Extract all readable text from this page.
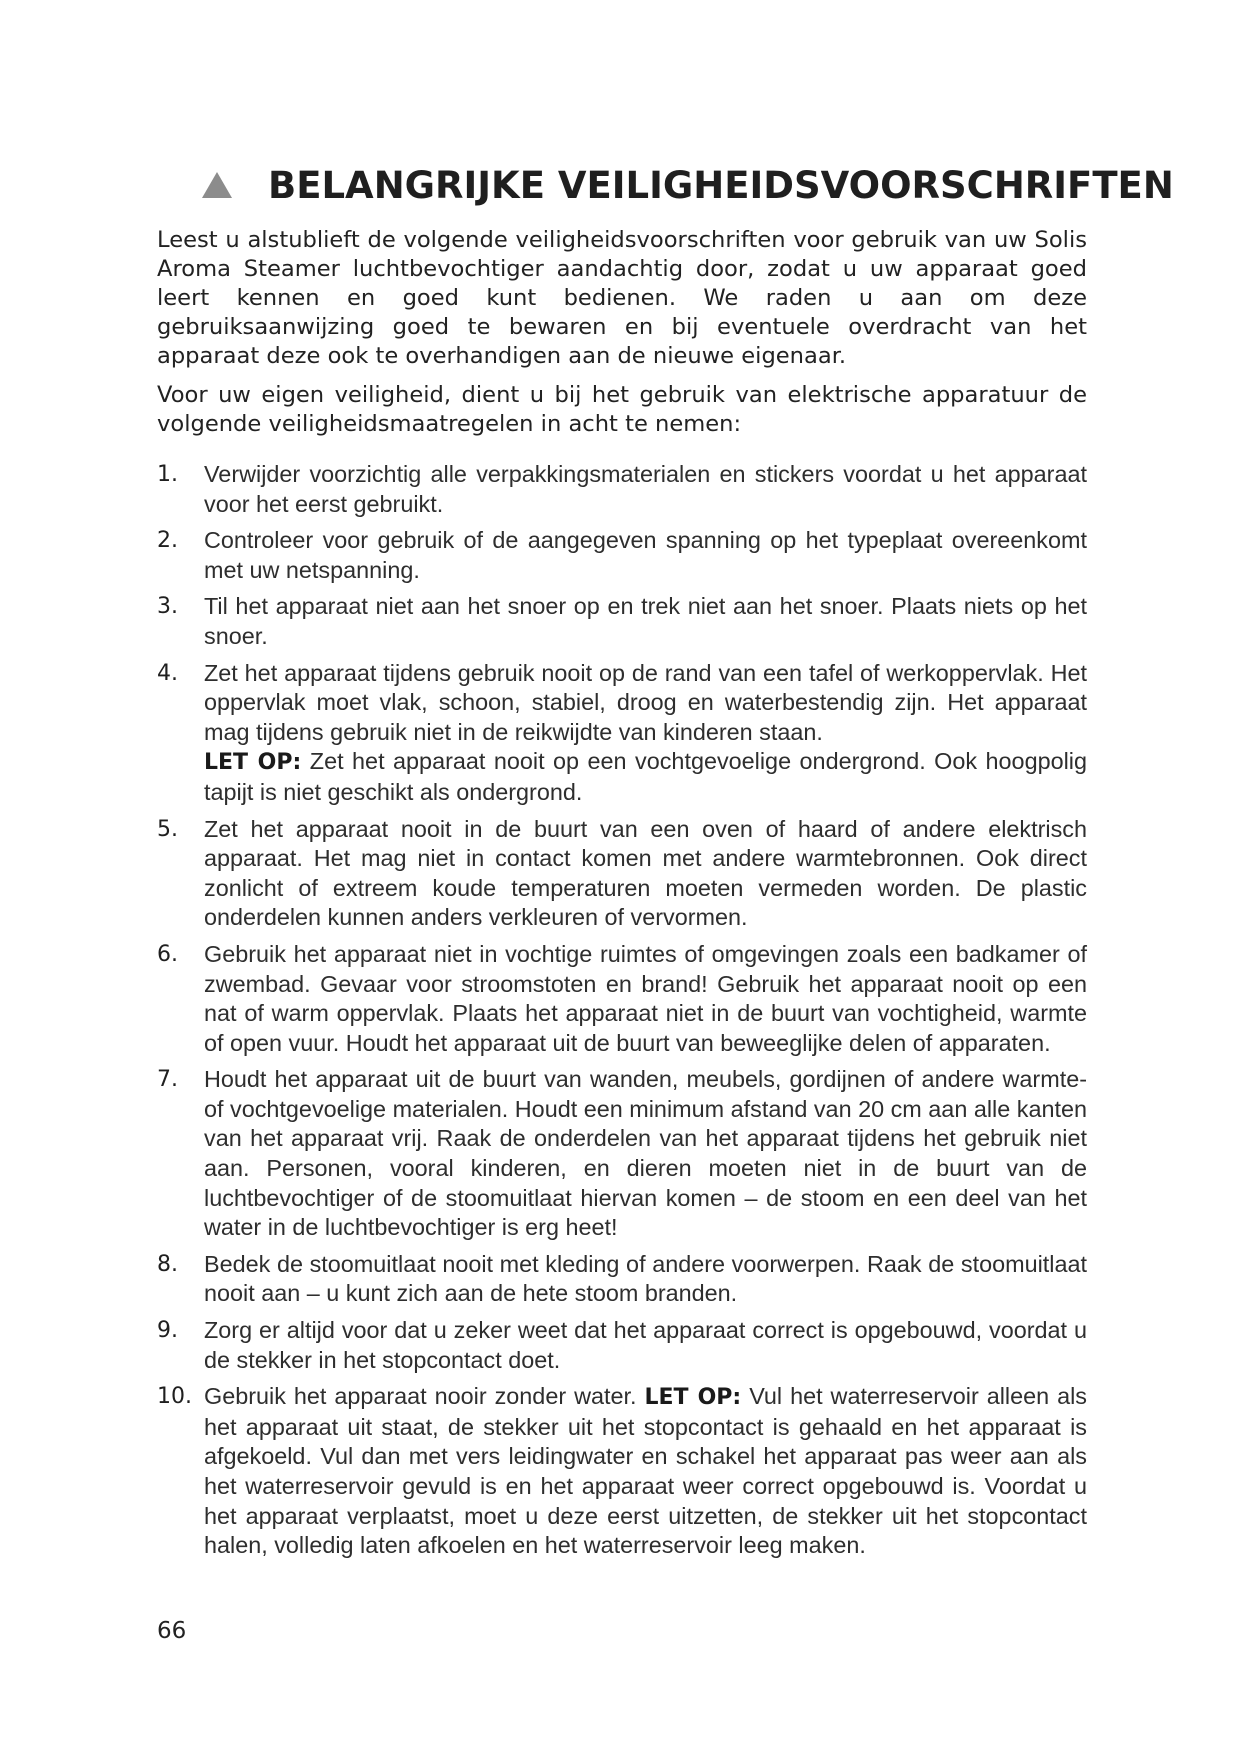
BELANGRIJKE VEILIGHEIDSVOORSCHRIFTEN

Leest u alstublieft de volgende veiligheidsvoorschriften voor gebruik van uw Solis Aroma Steamer luchtbevochtiger aandachtig door, zodat u uw apparaat goed leert kennen en goed kunt bedienen. We raden u aan om deze gebruiksaanwijzing goed te bewaren en bij eventuele overdracht van het apparaat deze ook te overhandigen aan de nieuwe eigenaar.

Voor uw eigen veiligheid, dient u bij het gebruik van elektrische apparatuur de volgende veiligheidsmaatregelen in acht te nemen:

1. Verwijder voorzichtig alle verpakkingsmaterialen en stickers voordat u het apparaat voor het eerst gebruikt.
2. Controleer voor gebruik of de aangegeven spanning op het typeplaat overeenkomt met uw netspanning.
3. Til het apparaat niet aan het snoer op en trek niet aan het snoer. Plaats niets op het snoer.
4. Zet het apparaat tijdens gebruik nooit op de rand van een tafel of werkoppervlak. Het oppervlak moet vlak, schoon, stabiel, droog en waterbestendig zijn. Het apparaat mag tijdens gebruik niet in de reikwijdte van kinderen staan.
LET OP: Zet het apparaat nooit op een vochtgevoelige ondergrond. Ook hoogpolig tapijt is niet geschikt als ondergrond.
5. Zet het apparaat nooit in de buurt van een oven of haard of andere elektrisch apparaat. Het mag niet in contact komen met andere warmtebronnen. Ook direct zonlicht of extreem koude temperaturen moeten vermeden worden. De plastic onderdelen kunnen anders verkleuren of vervormen.
6. Gebruik het apparaat niet in vochtige ruimtes of omgevingen zoals een badkamer of zwembad. Gevaar voor stroomstoten en brand! Gebruik het apparaat nooit op een nat of warm oppervlak. Plaats het apparaat niet in de buurt van vochtigheid, warmte of open vuur. Houdt het apparaat uit de buurt van beweeglijke delen of apparaten.
7. Houdt het apparaat uit de buurt van wanden, meubels, gordijnen of andere warmte- of vochtgevoelige materialen. Houdt een minimum afstand van 20 cm aan alle kanten van het apparaat vrij. Raak de onderdelen van het apparaat tijdens het gebruik niet aan. Personen, vooral kinderen, en dieren moeten niet in de buurt van de luchtbevochtiger of de stoomuitlaat hiervan komen – de stoom en een deel van het water in de luchtbevochtiger is erg heet!
8. Bedek de stoomuitlaat nooit met kleding of andere voorwerpen. Raak de stoomuitlaat nooit aan – u kunt zich aan de hete stoom branden.
9. Zorg er altijd voor dat u zeker weet dat het apparaat correct is opgebouwd, voordat u de stekker in het stopcontact doet.
10. Gebruik het apparaat nooir zonder water. LET OP: Vul het waterreservoir alleen als het apparaat uit staat, de stekker uit het stopcontact is gehaald en het apparaat is afgekoeld. Vul dan met vers leidingwater en schakel het apparaat pas weer aan als het waterreservoir gevuld is en het apparaat weer correct opgebouwd is. Voordat u het apparaat verplaatst, moet u deze eerst uitzetten, de stekker uit het stopcontact halen, volledig laten afkoelen en het waterreservoir leeg maken.
66
